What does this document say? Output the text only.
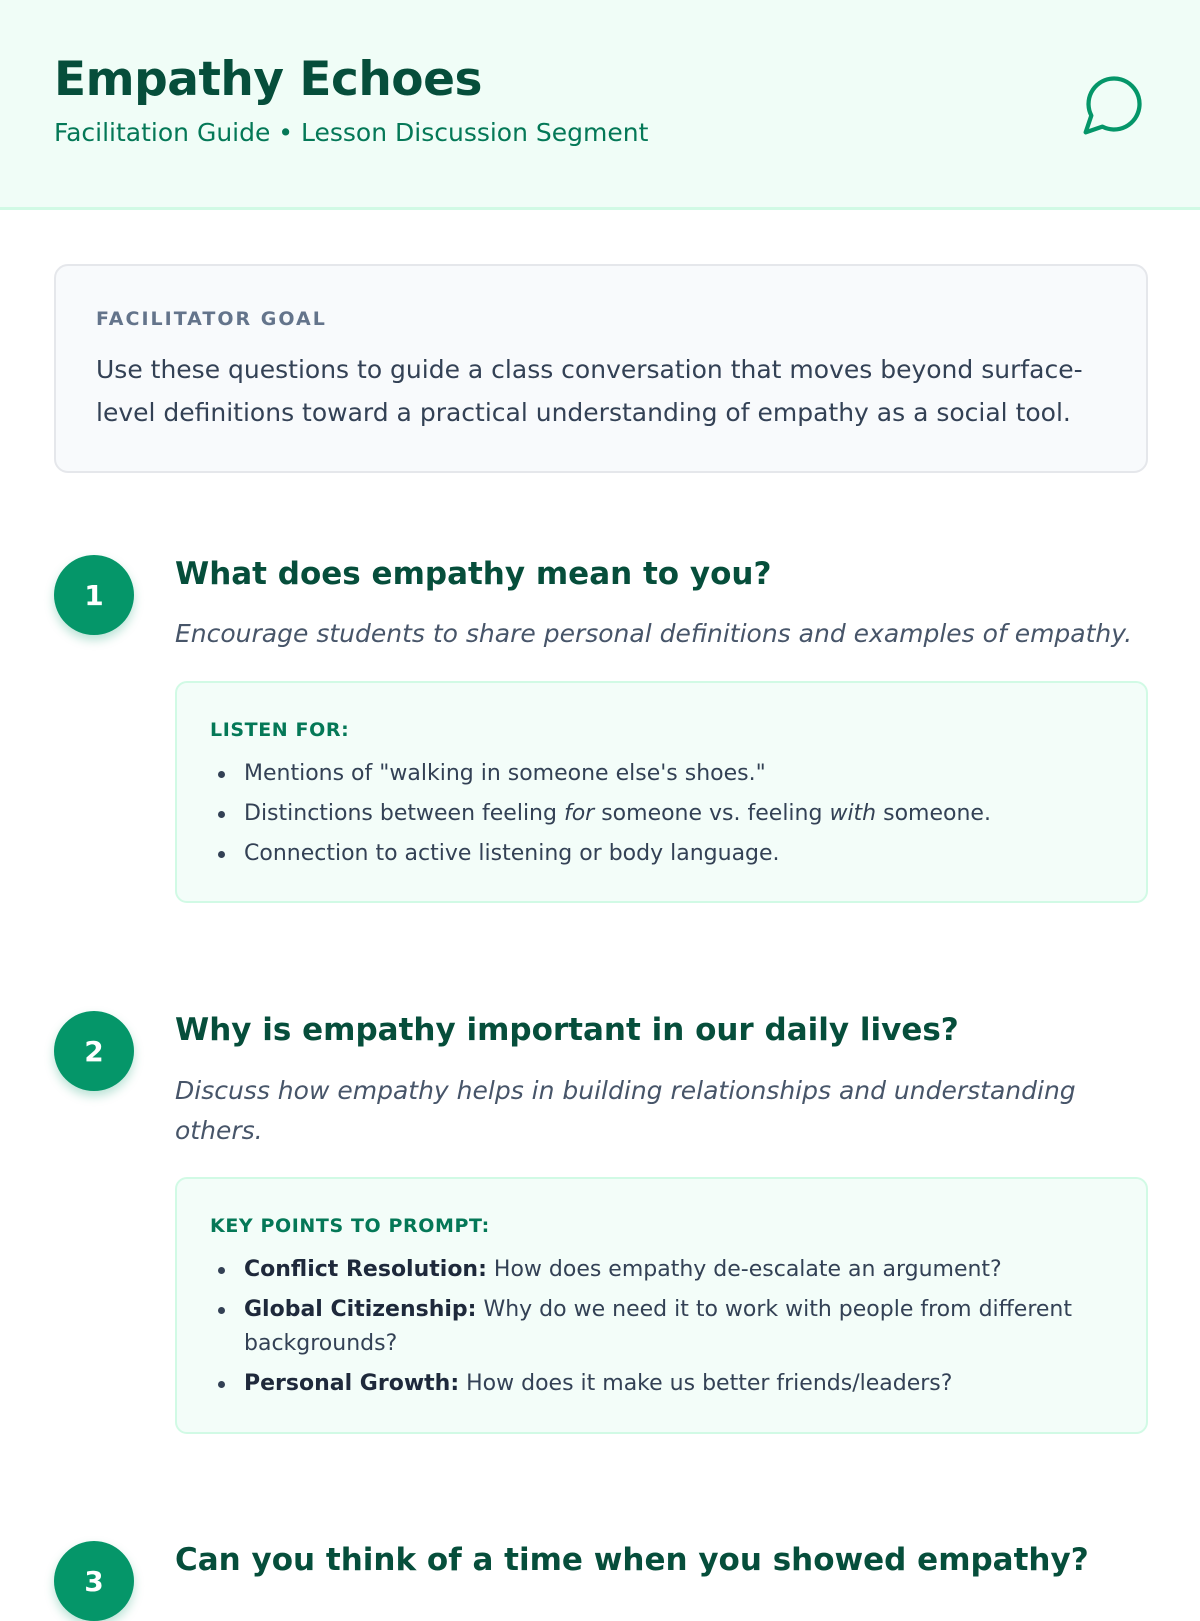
Empathy Echoes
Facilitation Guide • Lesson Discussion Segment
FACILITATOR GOAL
Use these questions to guide a class conversation that moves beyond surface-level definitions toward a practical understanding of empathy as a social tool.
1
What does empathy mean to you?
Encourage students to share personal definitions and examples of empathy.
LISTEN FOR:
Mentions of "walking in someone else's shoes."
Distinctions between feeling for someone vs. feeling with someone.
Connection to active listening or body language.
2
Why is empathy important in our daily lives?
Discuss how empathy helps in building relationships and understanding others.
KEY POINTS TO PROMPT:
Conflict Resolution: How does empathy de-escalate an argument?
Global Citizenship: Why do we need it to work with people from different backgrounds?
Personal Growth: How does it make us better friends/leaders?
3
Can you think of a time when you showed empathy?
